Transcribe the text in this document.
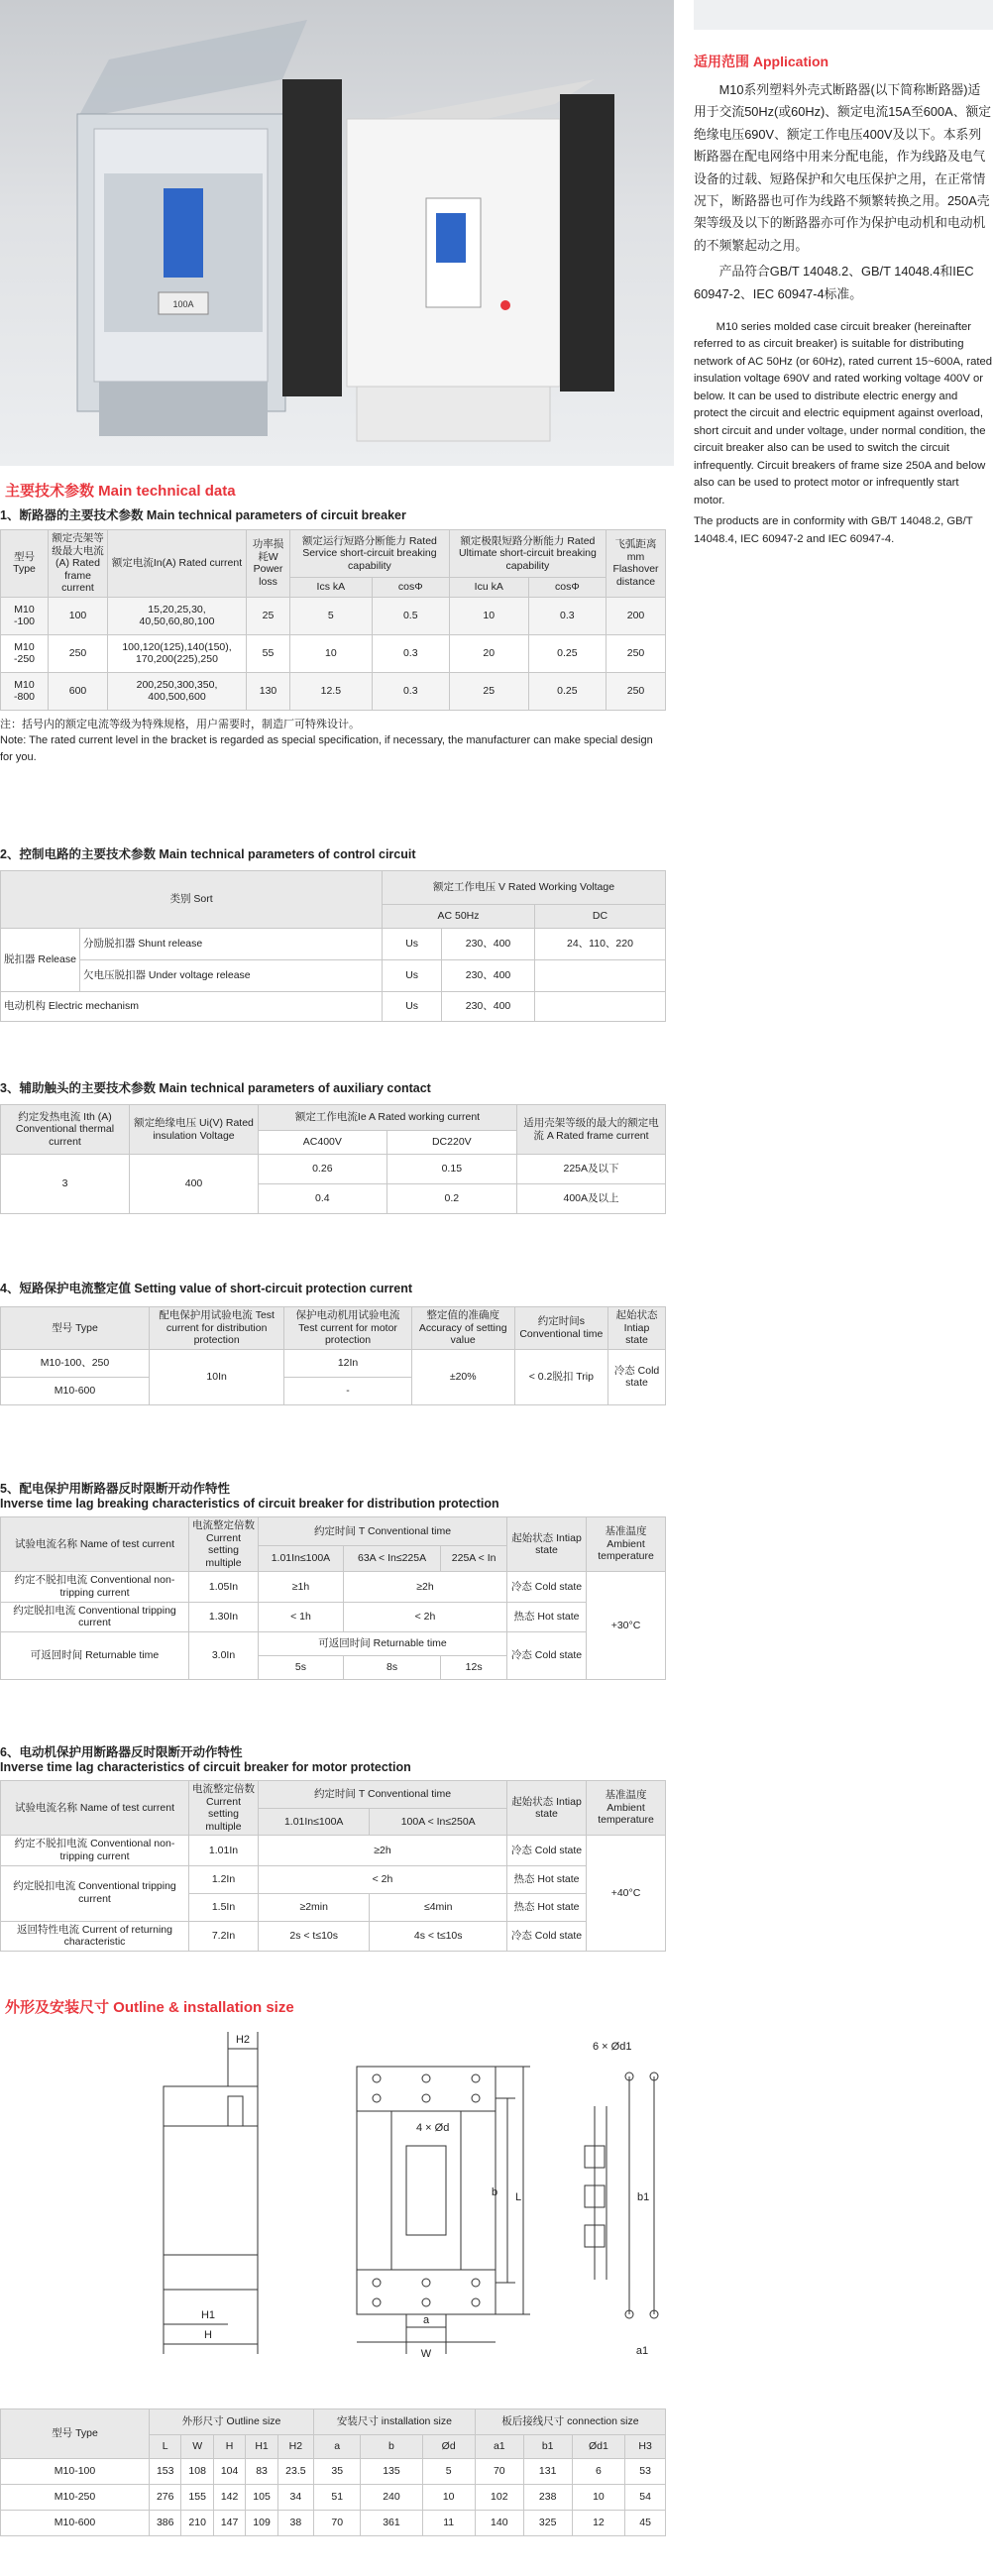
100A
适用范围 Application
M10系列塑料外壳式断路器(以下简称断路器)适用于交流50Hz(或60Hz)、额定电流15A至600A、额定绝缘电压690V、额定工作电压400V及以下。本系列断路器在配电网络中用来分配电能，作为线路及电气设备的过载、短路保护和欠电压保护之用，在正常情况下，断路器也可作为线路不频繁转换之用。250A壳架等级及以下的断路器亦可作为保护电动机和电动机的不频繁起动之用。
产品符合GB/T 14048.2、GB/T 14048.4和IEC 60947-2、IEC 60947-4标准。
M10 series molded case circuit breaker (hereinafter referred to as circuit breaker) is suitable for distributing network of AC 50Hz (or 60Hz), rated current 15~600A, rated insulation voltage 690V and rated working voltage 400V or below. It can be used to distribute electric energy and protect the circuit and electric equipment against overload, short circuit and under voltage, under normal condition, the circuit breaker also can be used to switch the circuit infrequently. Circuit breakers of frame size 250A and below also can be used to protect motor or infrequently start motor.
The products are in conformity with GB/T 14048.2, GB/T 14048.4, IEC 60947-2 and IEC 60947-4.
主要技术参数 Main technical data
1、断路器的主要技术参数 Main technical parameters of circuit breaker
型号 Type	额定壳架等级最大电流(A) Rated frame current	额定电流In(A) Rated current	功率损耗W Power loss	额定运行短路分断能力 Rated Service short-circuit breaking capability		额定极限短路分断能力 Rated Ultimate short-circuit breaking capability		飞弧距离 mm Flashover distance
				Ics kA	cosΦ	Icu kA	cosΦ	
M10 -100	100	15,20,25,30, 40,50,60,80,100	25	5	0.5	10	0.3	200
M10 -250	250	100,120(125),140(150), 170,200(225),250	55	10	0.3	20	0.25	250
M10 -800	600	200,250,300,350, 400,500,600	130	12.5	0.3	25	0.25	250
注：括号内的额定电流等级为特殊规格，用户需要时，制造厂可特殊设计。
Note: The rated current level in the bracket is regarded as special specification, if necessary, the manufacturer can make special design for you.
2、控制电路的主要技术参数 Main technical parameters of control circuit
类别 Sort		额定工作电压 V Rated Working Voltage		
		AC 50Hz		DC
脱扣器 Release	分励脱扣器 Shunt release	Us	230、400	24、110、220
	欠电压脱扣器 Under voltage release	Us	230、400	
电动机构 Electric mechanism		Us	230、400	
3、辅助触头的主要技术参数 Main technical parameters of auxiliary contact
约定发热电流 Ith (A) Conventional thermal current	额定绝缘电压 Ui(V) Rated insulation Voltage	额定工作电流Ie A Rated working current		适用壳架等级的最大的额定电流 A Rated frame current
		AC400V	DC220V	
3	400	0.26	0.15	225A及以下
		0.4	0.2	400A及以上
4、短路保护电流整定值 Setting value of short-circuit protection current
型号 Type	配电保护用试验电流 Test current for distribution protection	保护电动机用试验电流 Test current for motor protection	整定值的准确度 Accuracy of setting value	约定时间s Conventional time	起始状态 Intiap state
M10-100、250	10In	12In	±20%	< 0.2脱扣 Trip	冷态 Cold state
M10-600		-			
5、配电保护用断路器反时限断开动作特性
Inverse time lag breaking characteristics of circuit breaker for distribution protection
试验电流名称 Name of test current	电流整定倍数 Current setting multiple	约定时间 T Conventional time			起始状态 Intiap state	基准温度 Ambient temperature
		1.01In≤100A	63A < In≤225A	225A < In		
约定不脱扣电流 Conventional non-tripping current	1.05In	≥1h	≥2h		冷态 Cold state	+30°C
约定脱扣电流 Conventional tripping current	1.30In	< 1h	< 2h		热态 Hot state	
可返回时间 Returnable time	3.0In	可返回时间 Returnable time			冷态 Cold state	
		5s	8s	12s		
6、电动机保护用断路器反时限断开动作特性
Inverse time lag characteristics of circuit breaker for motor protection
试验电流名称 Name of test current	电流整定倍数 Current setting multiple	约定时间 T Conventional time		起始状态 Intiap state	基准温度 Ambient temperature
		1.01In≤100A	100A < In≤250A		
约定不脱扣电流 Conventional non-tripping current	1.01In	≥2h		冷态 Cold state	+40°C
约定脱扣电流 Conventional tripping current	1.2In	< 2h		热态 Hot state	
	1.5In	≥2min	≤4min	热态 Hot state	
返回特性电流 Current of returning characteristic	7.2In	2s < t≤10s	4s < t≤10s	冷态 Cold state	
外形及安装尺寸 Outline & installation size
H2
H1
H
4 × Ød
b L
a
W
6 × Ød1
b1
a1
型号 Type	外形尺寸 Outline size					安装尺寸 installation size			板后接线尺寸 connection size			
	L	W	H	H1	H2	a	b	Ød	a1	b1	Ød1	H3
M10-100	153	108	104	83	23.5	35	135	5	70	131	6	53
M10-250	276	155	142	105	34	51	240	10	102	238	10	54
M10-600	386	210	147	109	38	70	361	11	140	325	12	45
